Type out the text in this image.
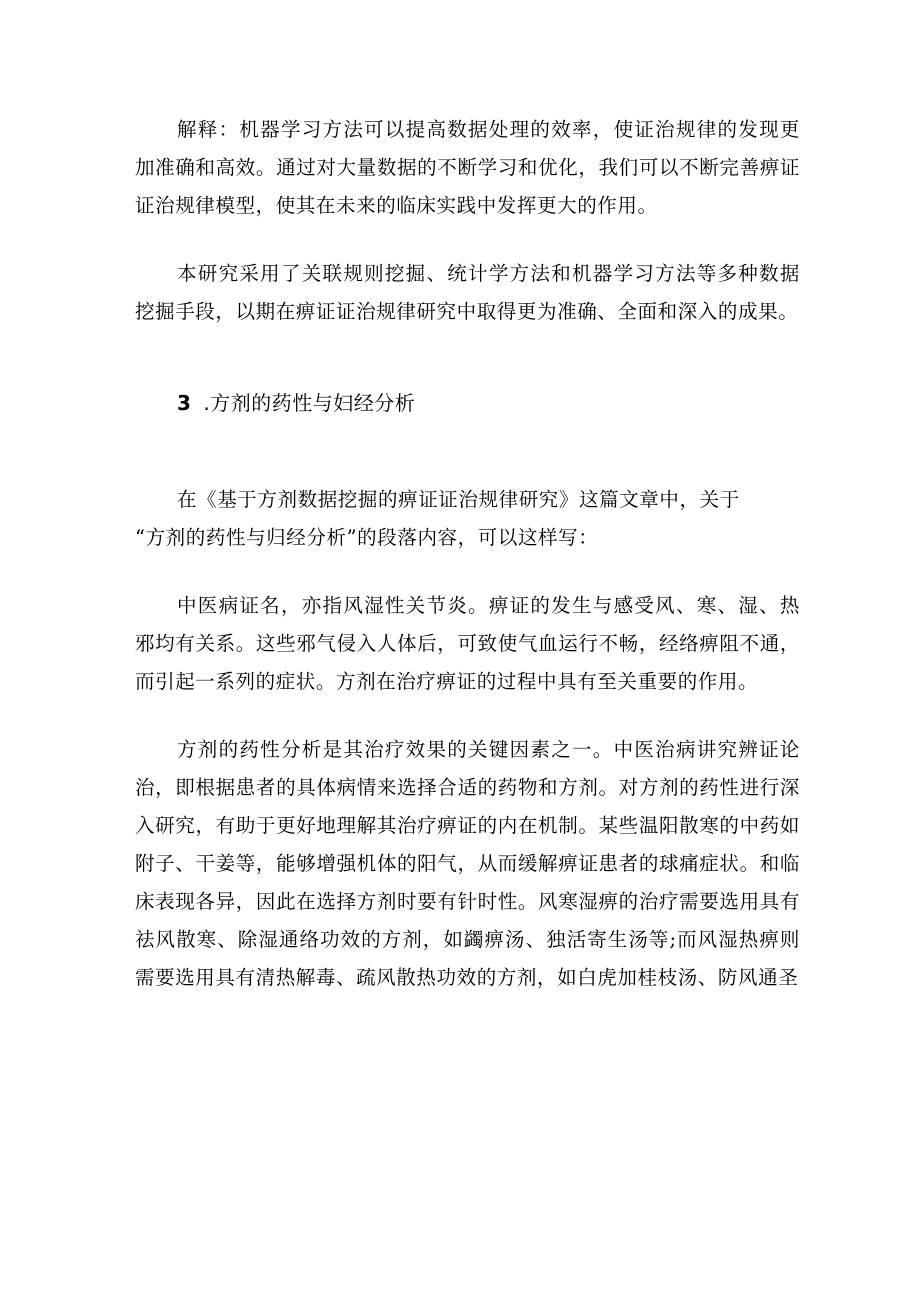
解释：机器学习方法可以提高数据处理的效率，使证治规律的发现更加准确和高效。通过对大量数据的不断学习和优化，我们可以不断完善痹证证治规律模型，使其在未来的临床实践中发挥更大的作用。

本研究采用了关联规则挖掘、统计学方法和机器学习方法等多种数据挖掘手段，以期在痹证证治规律研究中取得更为准确、全面和深入的成果。

3 .方剂的药性与妇经分析

在《基于方剂数据挖掘的痹证证治规律研究》这篇文章中，关于

“方剂的药性与归经分析”的段落内容，可以这样写：

中医病证名，亦指风湿性关节炎。痹证的发生与感受风、寒、湿、热邪均有关系。这些邪气侵入人体后，可致使气血运行不畅，经络痹阻不通，而引起一系列的症状。方剂在治疗痹证的过程中具有至关重要的作用。

方剂的药性分析是其治疗效果的关键因素之一。中医治病讲究辨证论治，即根据患者的具体病情来选择合适的药物和方剂。对方剂的药性进行深入研究，有助于更好地理解其治疗痹证的内在机制。某些温阳散寒的中药如附子、干姜等，能够增强机体的阳气，从而缓解痹证患者的球痛症状。和临床表现各异，因此在选择方剂时要有针时性。风寒湿痹的治疗需要选用具有祛风散寒、除湿通络功效的方剂，如蠲痹汤、独活寄生汤等;而风湿热痹则需要选用具有清热解毒、疏风散热功效的方剂，如白虎加桂枝汤、防风通圣
